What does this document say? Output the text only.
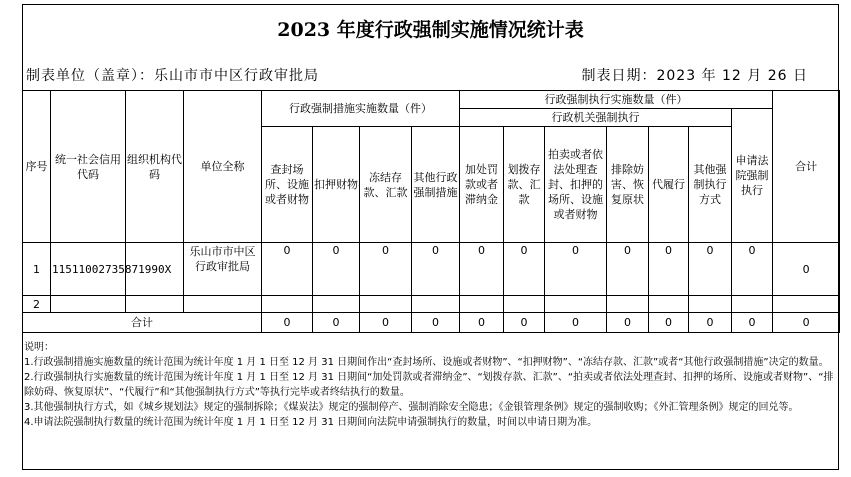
2023 年度行政强制实施情况统计表
制表单位（盖章）：乐山市市中区行政审批局	制表日期：2023 年 12 月 26 日
序号	统一社会信用代码	组织机构代码	单位全称	行政强制措施实施数量（件）				行政强制执行实施数量（件）							合计
								行政机关强制执行						申请法院强制执行	
				查封场所、设施或者财物	扣押财物	冻结存款、汇款	其他行政强制措施	加处罚款或者滞纳金	划拨存款、汇款	拍卖或者依法处理查封、扣押的场所、设施或者财物	排除妨害、恢复原状	代履行	其他强制执行方式		
1	11511002735871990X		乐山市市中区行政审批局	0	0	0	0	0	0	0	0	0	0	0	0
2															
合计				0	0	0	0	0	0	0	0	0	0	0	0

说明：

1.行政强制措施实施数量的统计范围为统计年度 1 月 1 日至 12 月 31 日期间作出“查封场所、设施或者财物”、“扣押财物”、“冻结存款、汇款”或者“其他行政强制措施”决定的数量。

2.行政强制执行实施数量的统计范围为统计年度 1 月 1 日至 12 月 31 日期间“加处罚款或者滞纳金”、“划拨存款、汇款”、“拍卖或者依法处理查封、扣押的场所、设施或者财物”、“排除妨碍、恢复原状”、“代履行”和“其他强制执行方式”等执行完毕或者终结执行的数量。

3.其他强制执行方式，如《城乡规划法》规定的强制拆除；《煤炭法》规定的强制停产、强制消除安全隐患；《金银管理条例》规定的强制收购；《外汇管理条例》规定的回兑等。

4.申请法院强制执行数量的统计范围为统计年度 1 月 1 日至 12 月 31 日期间向法院申请强制执行的数量，时间以申请日期为准。
